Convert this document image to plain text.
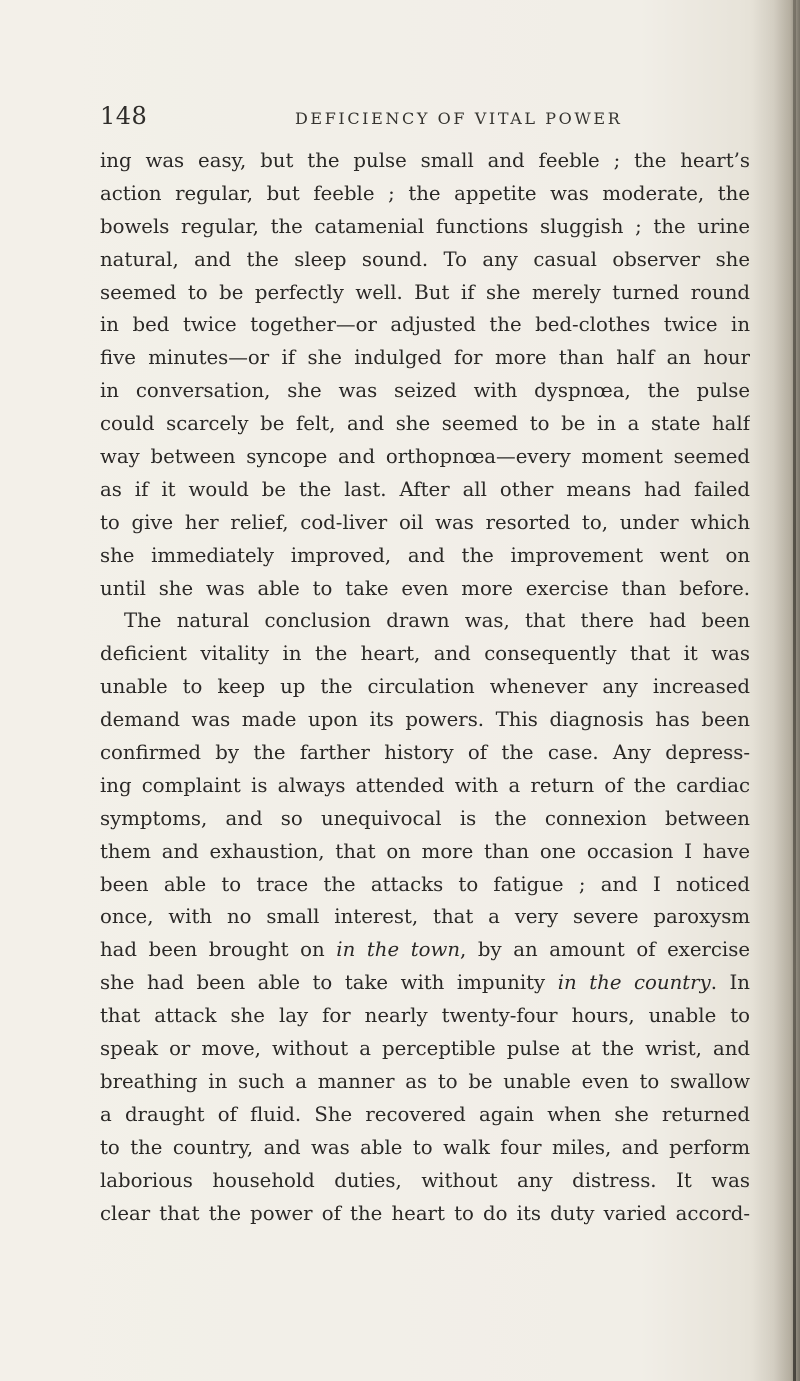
148	DEFICIENCY OF VITAL POWER
ing was easy, but the pulse small and feeble ; the heart’s
action regular, but feeble ; the appetite was moderate, the
bowels regular, the catamenial functions sluggish ; the urine
natural, and the sleep sound. To any casual observer she
seemed to be perfectly well. But if she merely turned round
in bed twice together—or adjusted the bed-clothes twice in
five minutes—or if she indulged for more than half an hour
in conversation, she was seized with dyspnœa, the pulse
could scarcely be felt, and she seemed to be in a state half
way between syncope and orthopnœa—every moment seemed
as if it would be the last. After all other means had failed
to give her relief, cod-liver oil was resorted to, under which
she immediately improved, and the improvement went on
until she was able to take even more exercise than before.
The natural conclusion drawn was, that there had been
deficient vitality in the heart, and consequently that it was
unable to keep up the circulation whenever any increased
demand was made upon its powers. This diagnosis has been
confirmed by the farther history of the case. Any depress-
ing complaint is always attended with a return of the cardiac
symptoms, and so unequivocal is the connexion between
them and exhaustion, that on more than one occasion I have
been able to trace the attacks to fatigue ; and I noticed
once, with no small interest, that a very severe paroxysm
had been brought on in the town, by an amount of exercise
she had been able to take with impunity in the country. In
that attack she lay for nearly twenty-four hours, unable to
speak or move, without a perceptible pulse at the wrist, and
breathing in such a manner as to be unable even to swallow
a draught of fluid. She recovered again when she returned
to the country, and was able to walk four miles, and perform
laborious household duties, without any distress. It was
clear that the power of the heart to do its duty varied accord-
